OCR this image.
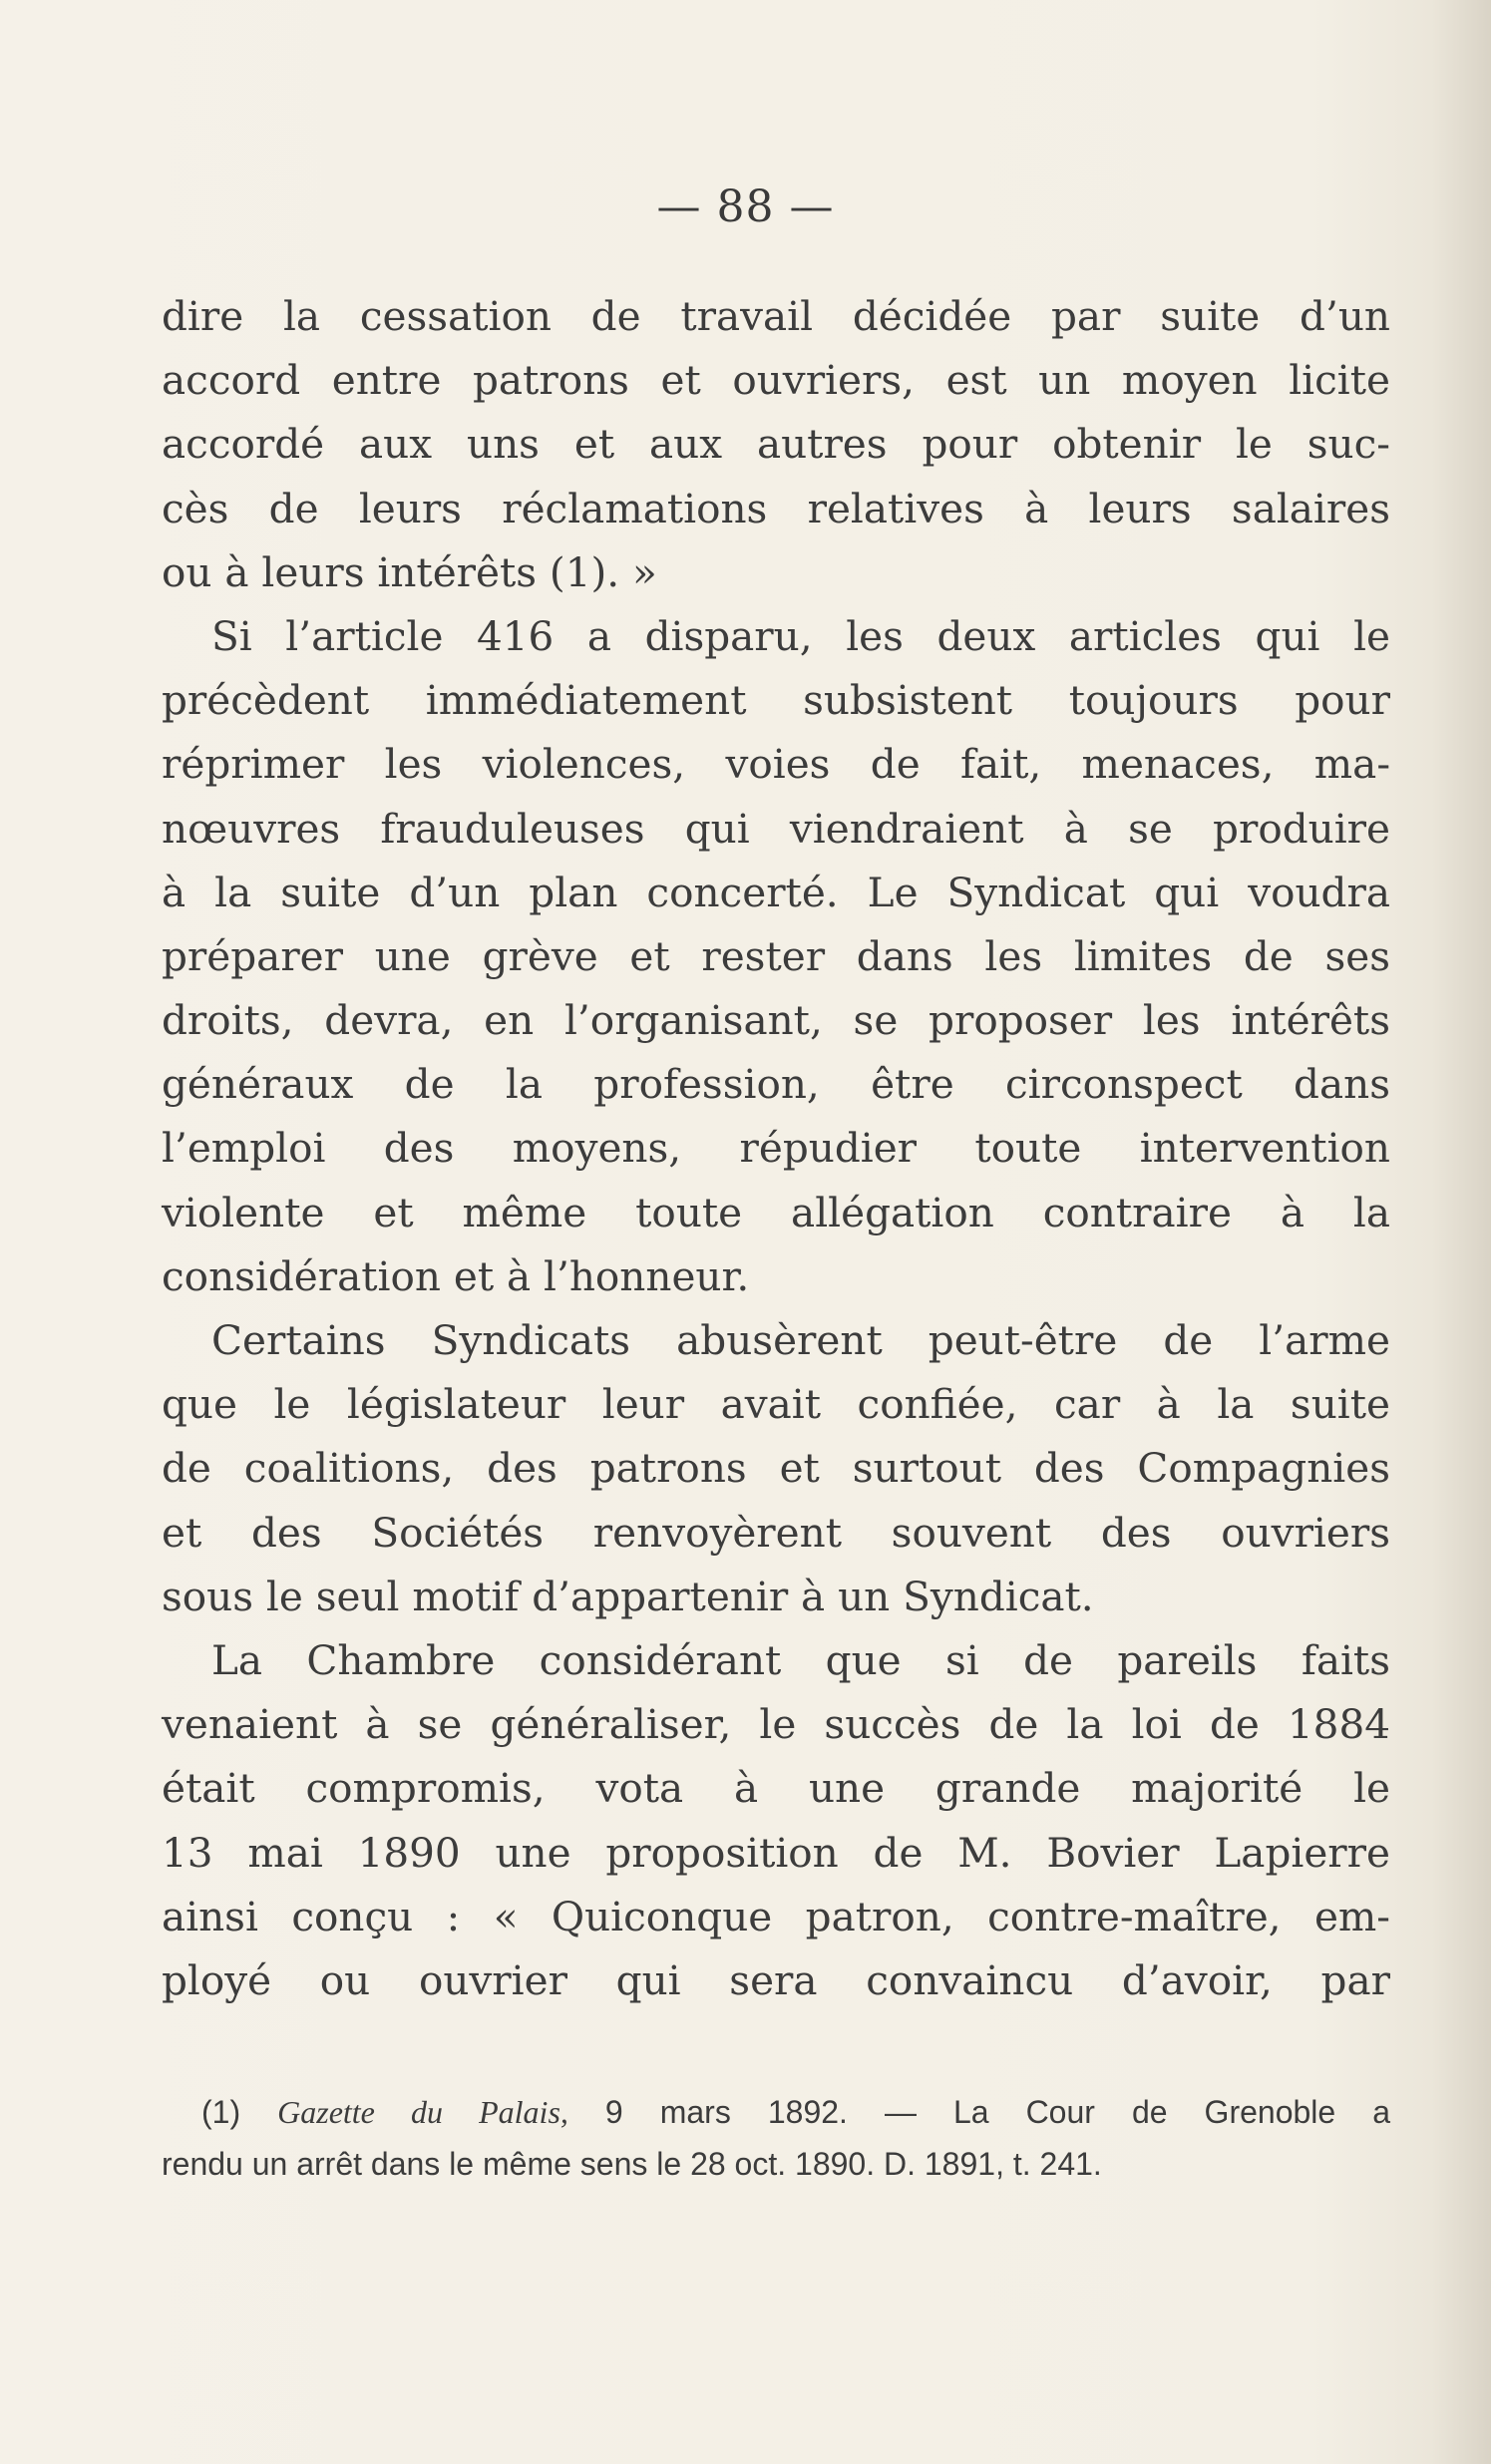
— 88 —
dire la cessation de travail décidée par suite d’un
accord entre patrons et ouvriers, est un moyen licite
accordé aux uns et aux autres pour obtenir le suc-
cès de leurs réclamations relatives à leurs salaires
ou à leurs intérêts (1). »
Si l’article 416 a disparu, les deux articles qui le
précèdent immédiatement subsistent toujours pour
réprimer les violences, voies de fait, menaces, ma-
nœuvres frauduleuses qui viendraient à se produire
à la suite d’un plan concerté. Le Syndicat qui voudra
préparer une grève et rester dans les limites de ses
droits, devra, en l’organisant, se proposer les intérêts
généraux de la profession, être circonspect dans
l’emploi des moyens, répudier toute intervention
violente et même toute allégation contraire à la
considération et à l’honneur.
Certains Syndicats abusèrent peut-être de l’arme
que le législateur leur avait confiée, car à la suite
de coalitions, des patrons et surtout des Compagnies
et des Sociétés renvoyèrent souvent des ouvriers
sous le seul motif d’appartenir à un Syndicat.
La Chambre considérant que si de pareils faits
venaient à se généraliser, le succès de la loi de 1884
était compromis, vota à une grande majorité le
13 mai 1890 une proposition de M. Bovier Lapierre
ainsi conçu : « Quiconque patron, contre-maître, em-
ployé ou ouvrier qui sera convaincu d’avoir, par
(1) Gazette du Palais, 9 mars 1892. — La Cour de Grenoble a
rendu un arrêt dans le même sens le 28 oct. 1890. D. 1891, t. 241.
